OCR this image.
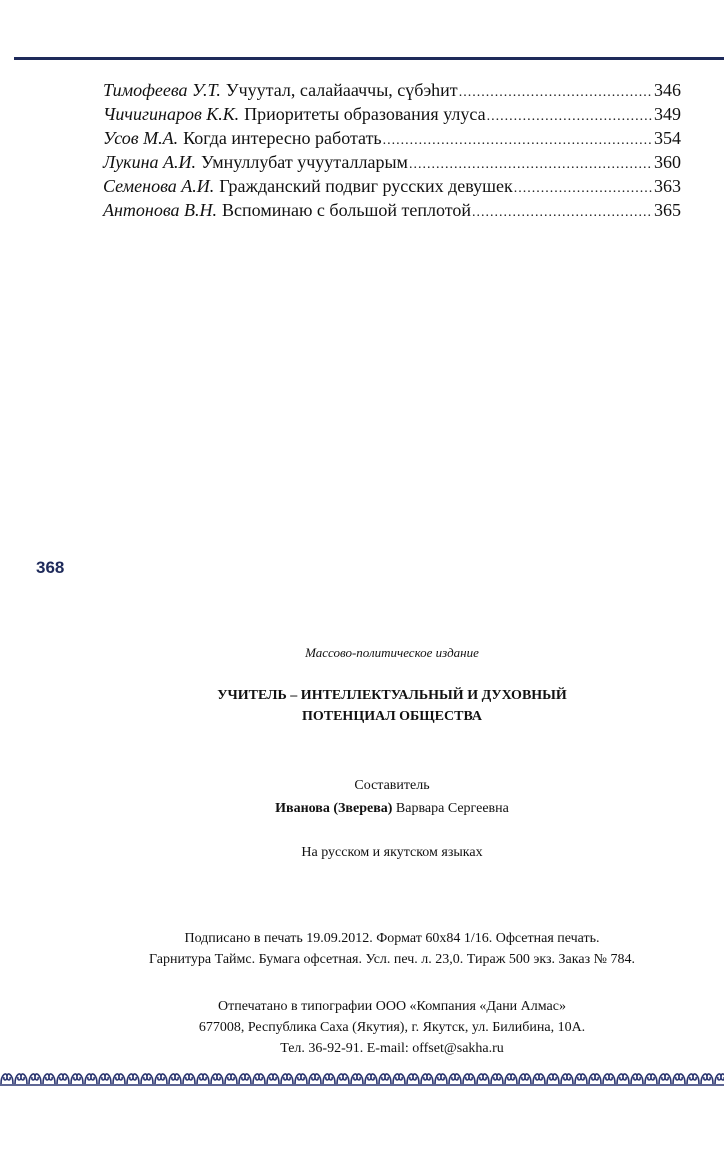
Тимофеева У.Т. Учуутал, салайааччы, сүбэһит .....	346
Чичигинаров К.К. Приоритеты образования улуса .....	349
Усов М.А. Когда интересно работать .....	354
Лукина А.И. Умнуллубат учууталларым .....	360
Семенова А.И. Гражданский подвиг русских девушек .....	363
Антонова В.Н. Вспоминаю с большой теплотой .....	365
368
Массово-политическое издание
УЧИТЕЛЬ – ИНТЕЛЛЕКТУАЛЬНЫЙ И ДУХОВНЫЙ
ПОТЕНЦИАЛ ОБЩЕСТВА
Составитель
Иванова (Зверева) Варвара Сергеевна
На русском и якутском языках
Подписано в печать 19.09.2012. Формат 60х84 1/16. Офсетная печать.
Гарнитура Таймс. Бумага офсетная. Усл. печ. л. 23,0. Тираж 500 экз. Заказ № 784.
Отпечатано в типографии ООО «Компания «Дани Алмас»
677008, Республика Саха (Якутия), г. Якутск, ул. Билибина, 10А.
Тел. 36-92-91. E-mail: offset@sakha.ru
